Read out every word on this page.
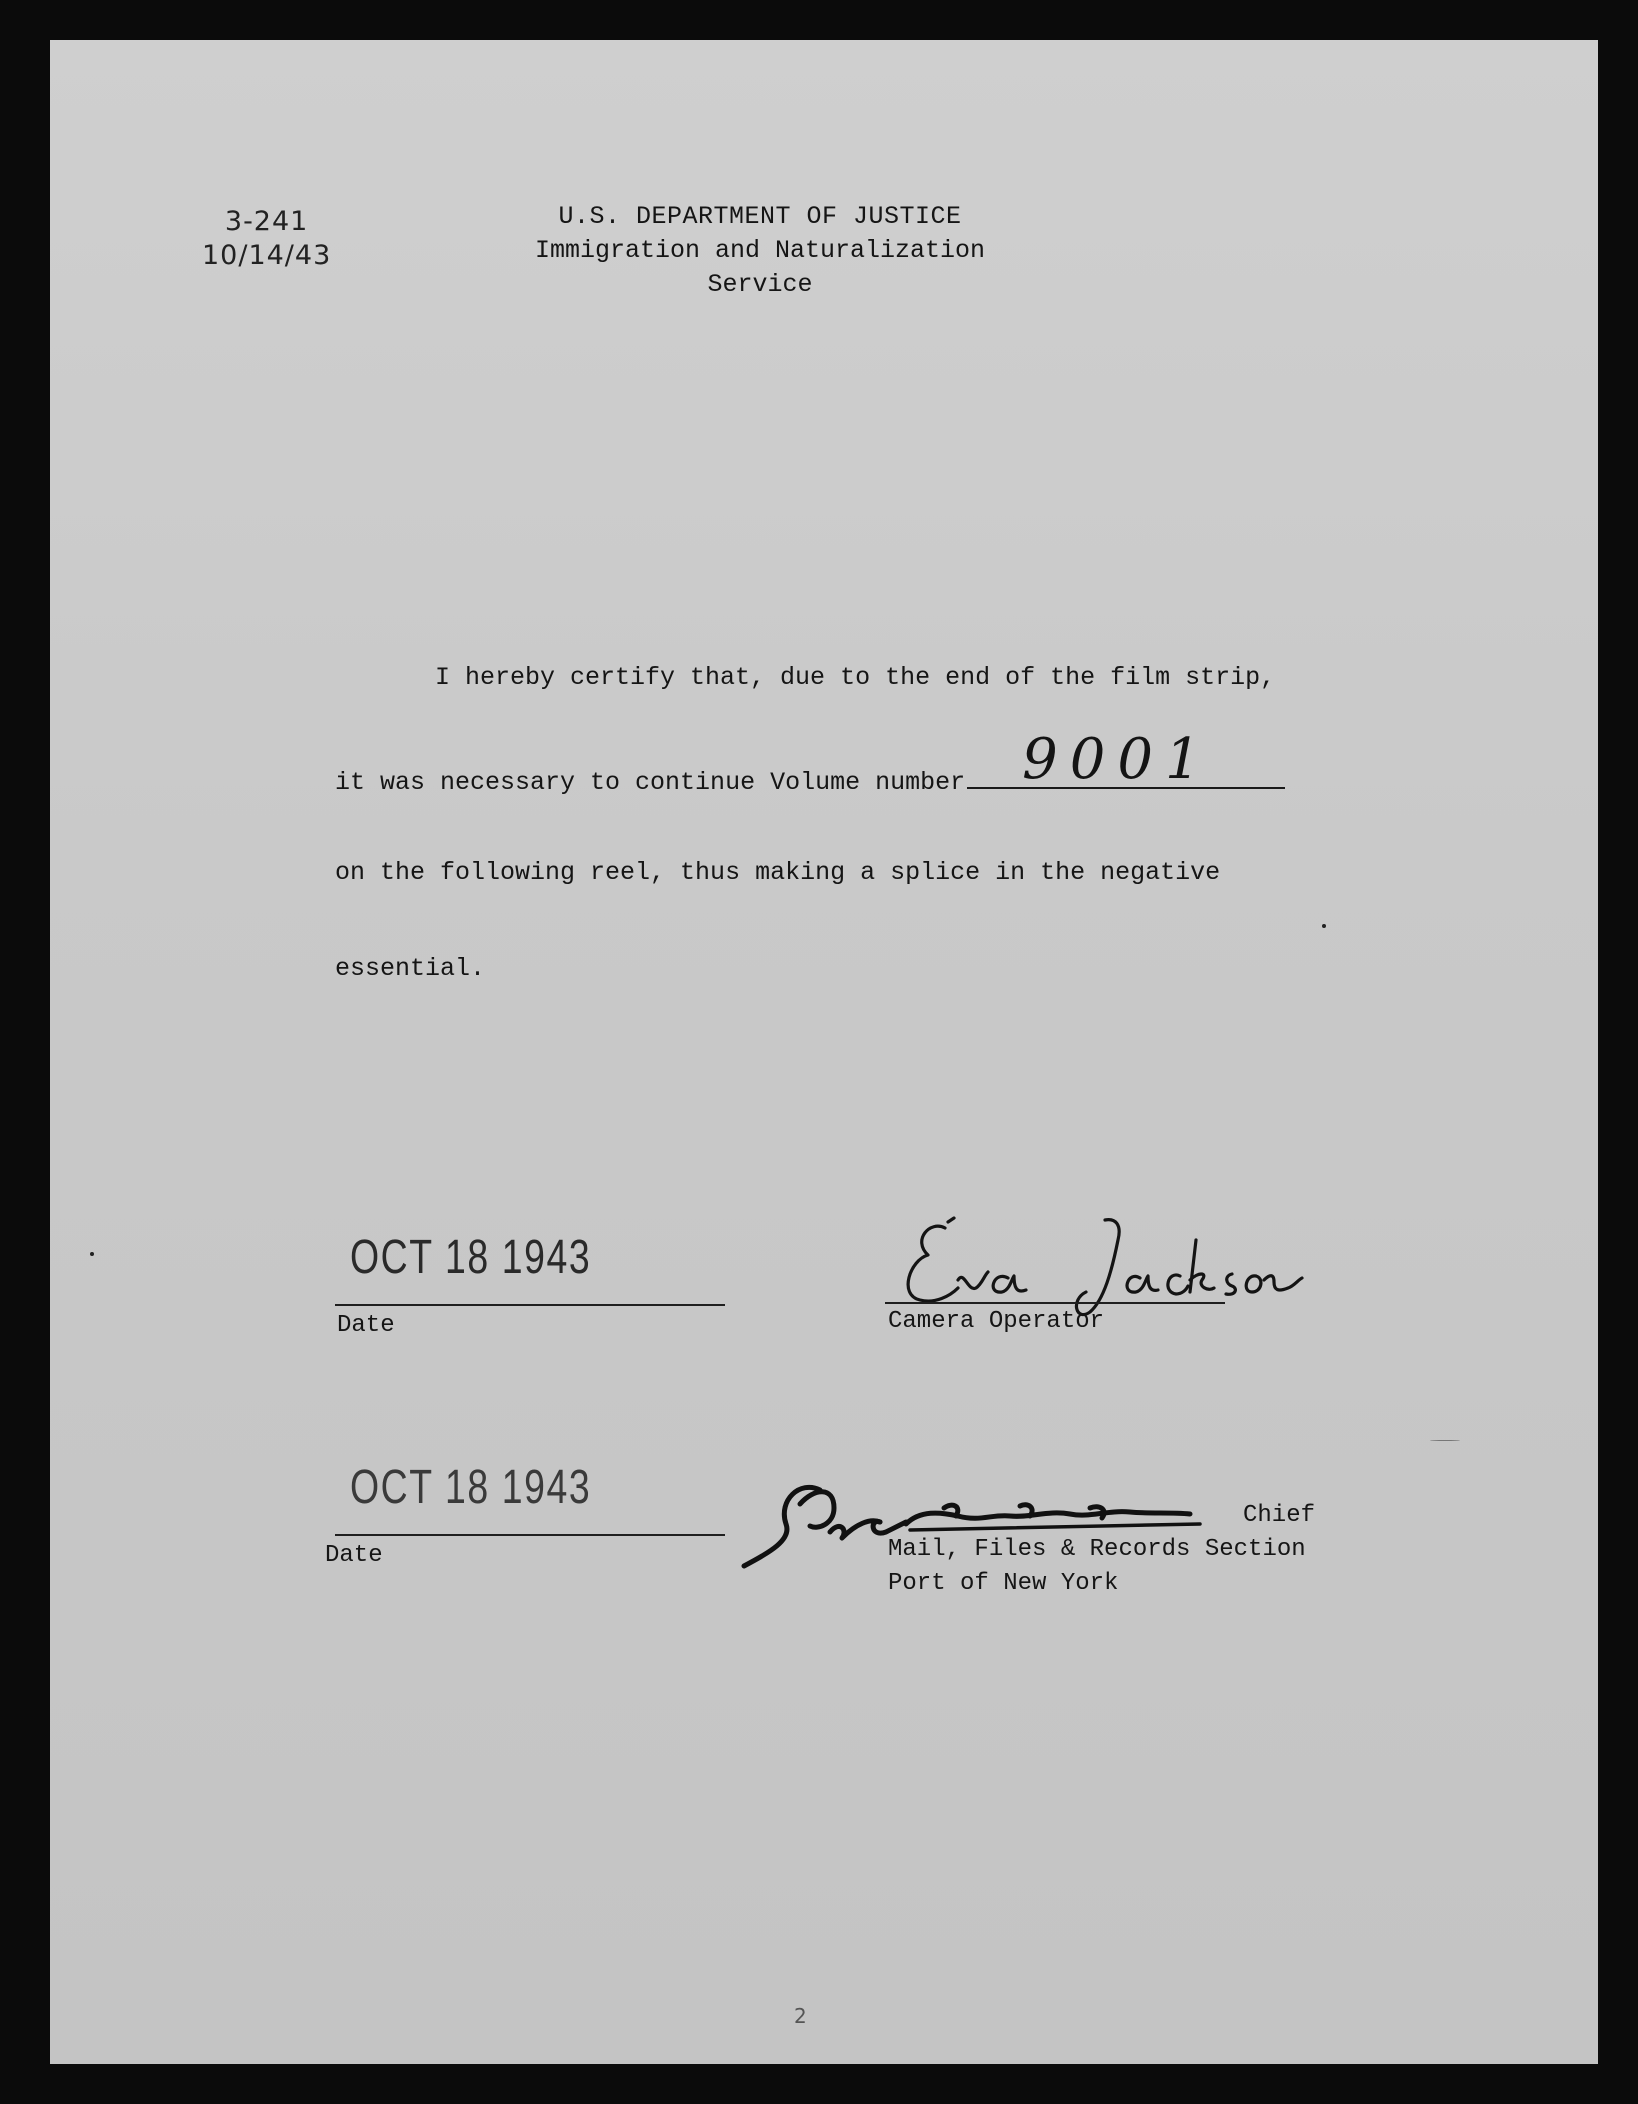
3-241
10/14/43
U.S. DEPARTMENT OF JUSTICE
Immigration and Naturalization Service
I hereby certify that, due to the end of the film strip,
it was necessary to continue Volume number 9001
on the following reel, thus making a splice in the negative
essential.
OCT 18 1943
Date	Camera Operator
OCT 18 1943
Date
Chief
Mail, Files & Records Section
Port of New York
2
